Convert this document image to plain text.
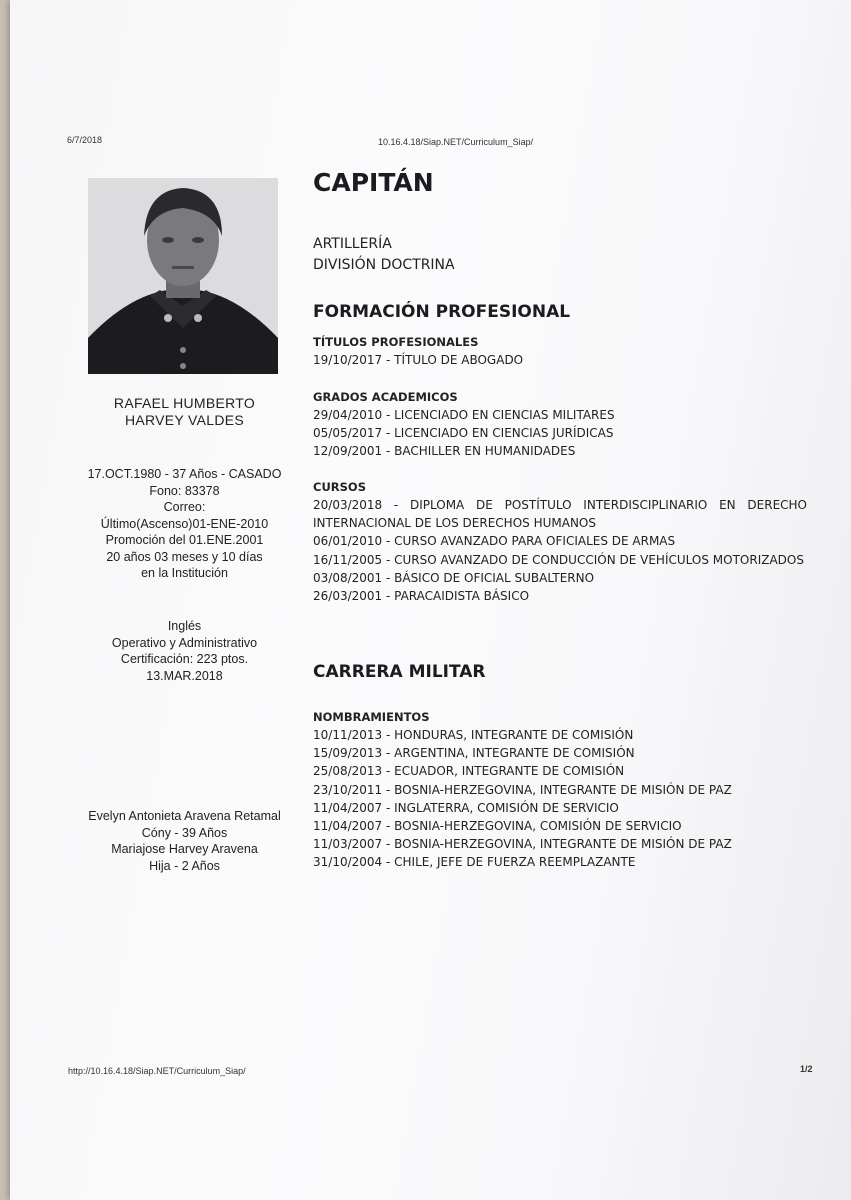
6/7/2018	10.16.4.18/Siap.NET/Curriculum_Siap/
RAFAEL HUMBERTO
HARVEY VALDES
17.OCT.1980 - 37 Años - CASADO
Fono: 83378
Correo:
Último(Ascenso)01-ENE-2010
Promoción del 01.ENE.2001
20 años 03 meses y 10 días
en la Institución
Inglés
Operativo y Administrativo
Certificación: 223 ptos.
13.MAR.2018
Evelyn Antonieta Aravena Retamal
Cóny - 39 Años
Mariajose Harvey Aravena
Hija - 2 Años
CAPITÁN
ARTILLERÍA
DIVISIÓN DOCTRINA
FORMACIÓN PROFESIONAL
TÍTULOS PROFESIONALES
19/10/2017 - TÍTULO DE ABOGADO
GRADOS ACADEMICOS
29/04/2010 - LICENCIADO EN CIENCIAS MILITARES
05/05/2017 - LICENCIADO EN CIENCIAS JURÍDICAS
12/09/2001 - BACHILLER EN HUMANIDADES
CURSOS
20/03/2018 - DIPLOMA DE POSTÍTULO INTERDISCIPLINARIO EN DERECHO INTERNACIONAL DE LOS DERECHOS HUMANOS
06/01/2010 - CURSO AVANZADO PARA OFICIALES DE ARMAS
16/11/2005 - CURSO AVANZADO DE CONDUCCIÓN DE VEHÍCULOS MOTORIZADOS
03/08/2001 - BÁSICO DE OFICIAL SUBALTERNO
26/03/2001 - PARACAIDISTA BÁSICO
CARRERA MILITAR
NOMBRAMIENTOS
10/11/2013 - HONDURAS, INTEGRANTE DE COMISIÓN
15/09/2013 - ARGENTINA, INTEGRANTE DE COMISIÓN
25/08/2013 - ECUADOR, INTEGRANTE DE COMISIÓN
23/10/2011 - BOSNIA-HERZEGOVINA, INTEGRANTE DE MISIÓN DE PAZ
11/04/2007 - INGLATERRA, COMISIÓN DE SERVICIO
11/04/2007 - BOSNIA-HERZEGOVINA, COMISIÓN DE SERVICIO
11/03/2007 - BOSNIA-HERZEGOVINA, INTEGRANTE DE MISIÓN DE PAZ
31/10/2004 - CHILE, JEFE DE FUERZA REEMPLAZANTE
http://10.16.4.18/Siap.NET/Curriculum_Siap/	1/2
